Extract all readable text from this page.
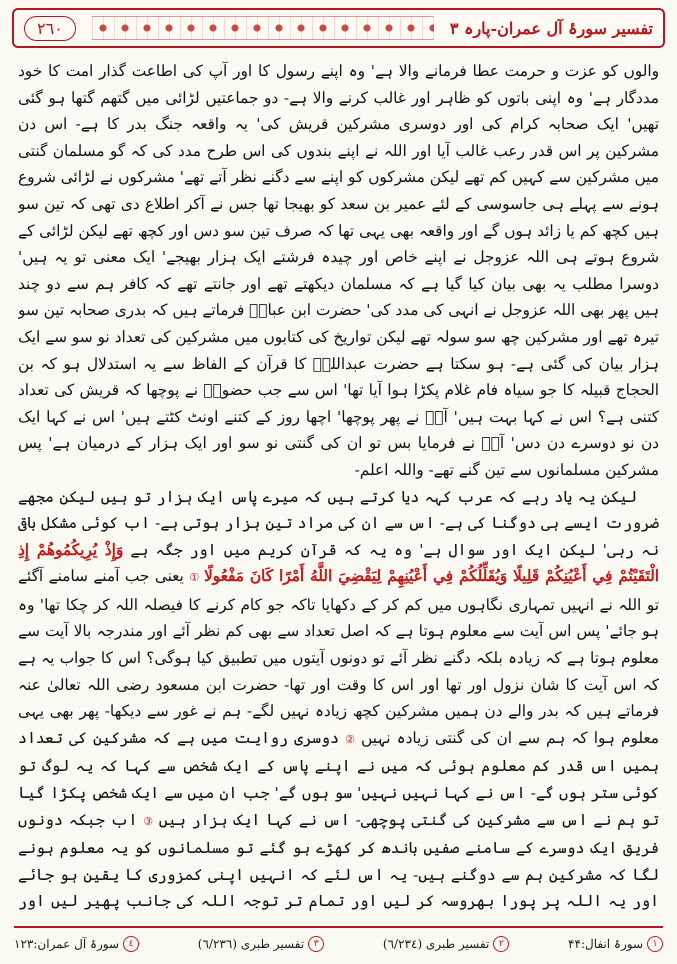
۲٦۰	تفسیر سورۂ آل عمران-پارہ ۳

والوں کو عزت و حرمت عطا فرمانے والا ہے' وہ اپنے رسول کا اور آپ کی اطاعت گذار امت کا خود مددگار ہے' وہ اپنی باتوں کو ظاہر اور غالب کرنے والا ہے- دو جماعتیں لڑائی میں گتھم گتھا ہو گئی تھیں' ایک صحابہ کرام کی اور دوسری مشرکین قریش کی' یہ واقعہ جنگ بدر کا ہے- اس دن مشرکین پر اس قدر رعب غالب آیا اور اللہ نے اپنے بندوں کی اس طرح مدد کی کہ گو مسلمان گنتی میں مشرکین سے کہیں کم تھے لیکن مشرکوں کو اپنے سے دگنے نظر آتے تھے' مشرکوں نے لڑائی شروع ہونے سے پہلے ہی جاسوسی کے لئے عمیر بن سعد کو بھیجا تھا جس نے آکر اطلاع دی تھی کہ تین سو ہیں کچھ کم یا زائد ہوں گے اور واقعہ بھی یہی تھا کہ صرف تین سو دس اور کچھ تھے لیکن لڑائی کے شروع ہوتے ہی اللہ عزوجل نے اپنے خاص اور چیدہ فرشتے ایک ہزار بھیجے' ایک معنی تو یہ ہیں' دوسرا مطلب یہ بھی بیان کیا گیا ہے کہ مسلمان دیکھتے تھے اور جانتے تھے کہ کافر ہم سے دو چند ہیں پھر بھی اللہ عزوجل نے انہی کی مدد کی' حضرت ابن عباسؓ فرماتے ہیں کہ بدری صحابہ تین سو تیرہ تھے اور مشرکین چھ سو سولہ تھے لیکن تواریخ کی کتابوں میں مشرکین کی تعداد نو سو سے ایک ہزار بیان کی گئی ہے- ہو سکتا ہے حضرت عبداللہؓ کا قرآن کے الفاظ سے یہ استدلال ہو کہ بن الحجاج قبیلہ کا جو سیاہ فام غلام پکڑا ہوا آیا تھا' اس سے جب حضورؐ نے پوچھا کہ قریش کی تعداد کتنی ہے؟ اس نے کہا بہت ہیں' آپؐ نے پھر پوچھا' اچھا روز کے کتنے اونٹ کٹتے ہیں' اس نے کہا ایک دن نو دوسرے دن دس' آپؐ نے فرمایا بس تو ان کی گنتی نو سو اور ایک ہزار کے درمیان ہے' پس مشرکین مسلمانوں سے تین گنے تھے- واللہ اعلم-

لیکن یہ یاد رہے کہ عرب کہہ دیا کرتے ہیں کہ میرے پاس ایک ہزار تو ہیں لیکن مجھے ضرورت ایسے ہی دوگنا کی ہے- اس سے ان کی مراد تین ہزار ہوتی ہے- اب کوئی مشکل باقی نہ رہی' لیکن ایک اور سوال ہے' وہ یہ کہ قرآن کریم میں اور جگہ ہے وَإِذْ يُرِيكُمُوهُمْ إِذِ الْتَقَيْتُمْ فِي أَعْيُنِكُمْ قَلِيلًا وَيُقَلِّلُكُمْ فِي أَعْيُنِهِمْ لِيَقْضِيَ اللَّهُ أَمْرًا كَانَ مَفْعُولًا ① یعنی جب آمنے سامنے آگئے تو اللہ نے انہیں تمہاری نگاہوں میں کم کر کے دکھایا تاکہ جو کام کرنے کا فیصلہ اللہ کر چکا تھا' وہ ہو جائے' پس اس آیت سے معلوم ہوتا ہے کہ اصل تعداد سے بھی کم نظر آئے اور مندرجہ بالا آیت سے معلوم ہوتا ہے کہ زیادہ بلکہ دگنے نظر آئے تو دونوں آیتوں میں تطبیق کیا ہوگی؟ اس کا جواب یہ ہے کہ اس آیت کا شان نزول اور تھا اور اس کا وقت اور تھا- حضرت ابن مسعود رضی اللہ تعالیٰ عنہ فرماتے ہیں کہ بدر والے دن ہمیں مشرکین کچھ زیادہ نہیں لگے- ہم نے غور سے دیکھا- پھر بھی یہی معلوم ہوا کہ ہم سے ان کی گنتی زیادہ نہیں ② دوسری روایت میں ہے کہ مشرکین کی تعداد ہمیں اس قدر کم معلوم ہوئی کہ میں نے اپنے پاس کے ایک شخص سے کہا کہ یہ لوگ تو کوئی ستر ہوں گے- اس نے کہا نہیں نہیں' سو ہوں گے' جب ان میں سے ایک شخص پکڑا گیا تو ہم نے اس سے مشرکین کی گنتی پوچھی- اس نے کہا ایک ہزار ہیں ③ اب جبکہ دونوں فریق ایک دوسرے کے سامنے صفیں باندھ کر کھڑے ہو گئے تو مسلمانوں کو یہ معلوم ہونے لگا کہ مشرکین ہم سے دوگنے ہیں- یہ اس لئے کہ انہیں اپنی کمزوری کا یقین ہو جائے اور یہ اللہ پر پورا بھروسہ کر لیں اور تمام تر توجہ اللہ کی جانب پھیر لیں اور

١
سورۂ انفال:۴۴
٢
تفسیر طبری (٦/٢٣٤)
٣
تفسیر طبری (٦/٢٣٦)
٤
سورۂ آل عمران:١٢٣
